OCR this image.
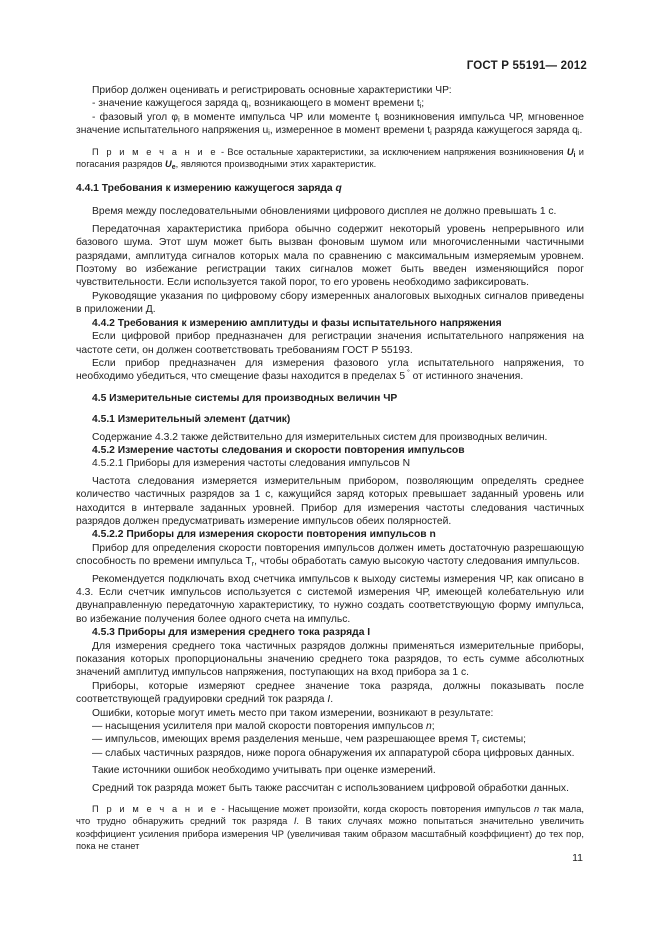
ГОСТ Р 55191— 2012

Прибор должен оценивать и регистрировать основные характеристики ЧР:

- значение кажущегося заряда $q_i$, возникающего в момент времени $t_i$;

- фазовый угол $\varphi_i$ в моменте импульса ЧР или моменте $t_i$ возникновения импульса ЧР, мгновенное значение испытательного напряжения $u_i$, измеренное в момент времени $t_i$ разряда кажущегося заряда $q_i$.

П р и м е ч а н и е - Все остальные характеристики, за исключением напряжения возникновения $U_i$ и погасания разрядов $U_e$, являются производными этих характеристик.

4.4.1 Требования к измерению кажущегося заряда q

Время между последовательными обновлениями цифрового дисплея не должно превышать 1 с.

Передаточная характеристика прибора обычно содержит некоторый уровень непрерывного или базового шума. Этот шум может быть вызван фоновым шумом или многочисленными частичными разрядами, амплитуда сигналов которых мала по сравнению с максимальным измеряемым уровнем. Поэтому во избежание регистрации таких сигналов может быть введен изменяющийся порог чувствительности. Если используется такой порог, то его уровень необходимо зафиксировать.

Руководящие указания по цифровому сбору измеренных аналоговых выходных сигналов приведены в приложении Д.

4.4.2 Требования к измерению амплитуды и фазы испытательного напряжения

Если цифровой прибор предназначен для регистрации значения испытательного напряжения на частоте сети, он должен соответствовать требованиям ГОСТ Р 55193.

Если прибор предназначен для измерения фазового угла испытательного напряжения, то необходимо убедиться, что смещение фазы находится в пределах 5 ° от истинного значения.

4.5 Измерительные системы для производных величин ЧР

4.5.1 Измерительный элемент (датчик)

Содержание 4.3.2 также действительно для измерительных систем для производных величин.

4.5.2 Измерение частоты следования и скорости повторения импульсов

4.5.2.1 Приборы для измерения частоты следования импульсов N

Частота следования измеряется измерительным прибором, позволяющим определять среднее количество частичных разрядов за 1 с, кажущийся заряд которых превышает заданный уровень или находится в интервале заданных уровней. Прибор для измерения частоты следования частичных разрядов должен предусматривать измерение импульсов обеих полярностей.

4.5.2.2 Приборы для измерения скорости повторения импульсов n

Прибор для определения скорости повторения импульсов должен иметь достаточную разрешающую способность по времени импульса $T_r$, чтобы обработать самую высокую частоту следования импульсов.

Рекомендуется подключать вход счетчика импульсов к выходу системы измерения ЧР, как описано в 4.3. Если счетчик импульсов используется с системой измерения ЧР, имеющей колебательную или двунаправленную передаточную характеристику, то нужно создать соответствующую форму импульса, во избежание получения более одного счета на импульс.

4.5.3 Приборы для измерения среднего тока разряда I

Для измерения среднего тока частичных разрядов должны применяться измерительные приборы, показания которых пропорциональны значению среднего тока разрядов, то есть сумме абсолютных значений амплитуд импульсов напряжения, поступающих на вход прибора за 1 с.

Приборы, которые измеряют среднее значение тока разряда, должны показывать после соответствующей градуировки средний ток разряда I.

Ошибки, которые могут иметь место при таком измерении, возникают в результате:

— насыщения усилителя при малой скорости повторения импульсов n;

— импульсов, имеющих время разделения меньше, чем разрешающее время $T_r$ системы;

— слабых частичных разрядов, ниже порога обнаружения их аппаратурой сбора цифровых данных.

Такие источники ошибок необходимо учитывать при оценке измерений.

Средний ток разряда может быть также рассчитан с использованием цифровой обработки данных.

П р и м е ч а н и е - Насыщение может произойти, когда скорость повторения импульсов n так мала, что трудно обнаружить средний ток разряда I. В таких случаях можно попытаться значительно увеличить коэффициент усиления прибора измерения ЧР (увеличивая таким образом масштабный коэффициент) до тех пор, пока не станет

11
